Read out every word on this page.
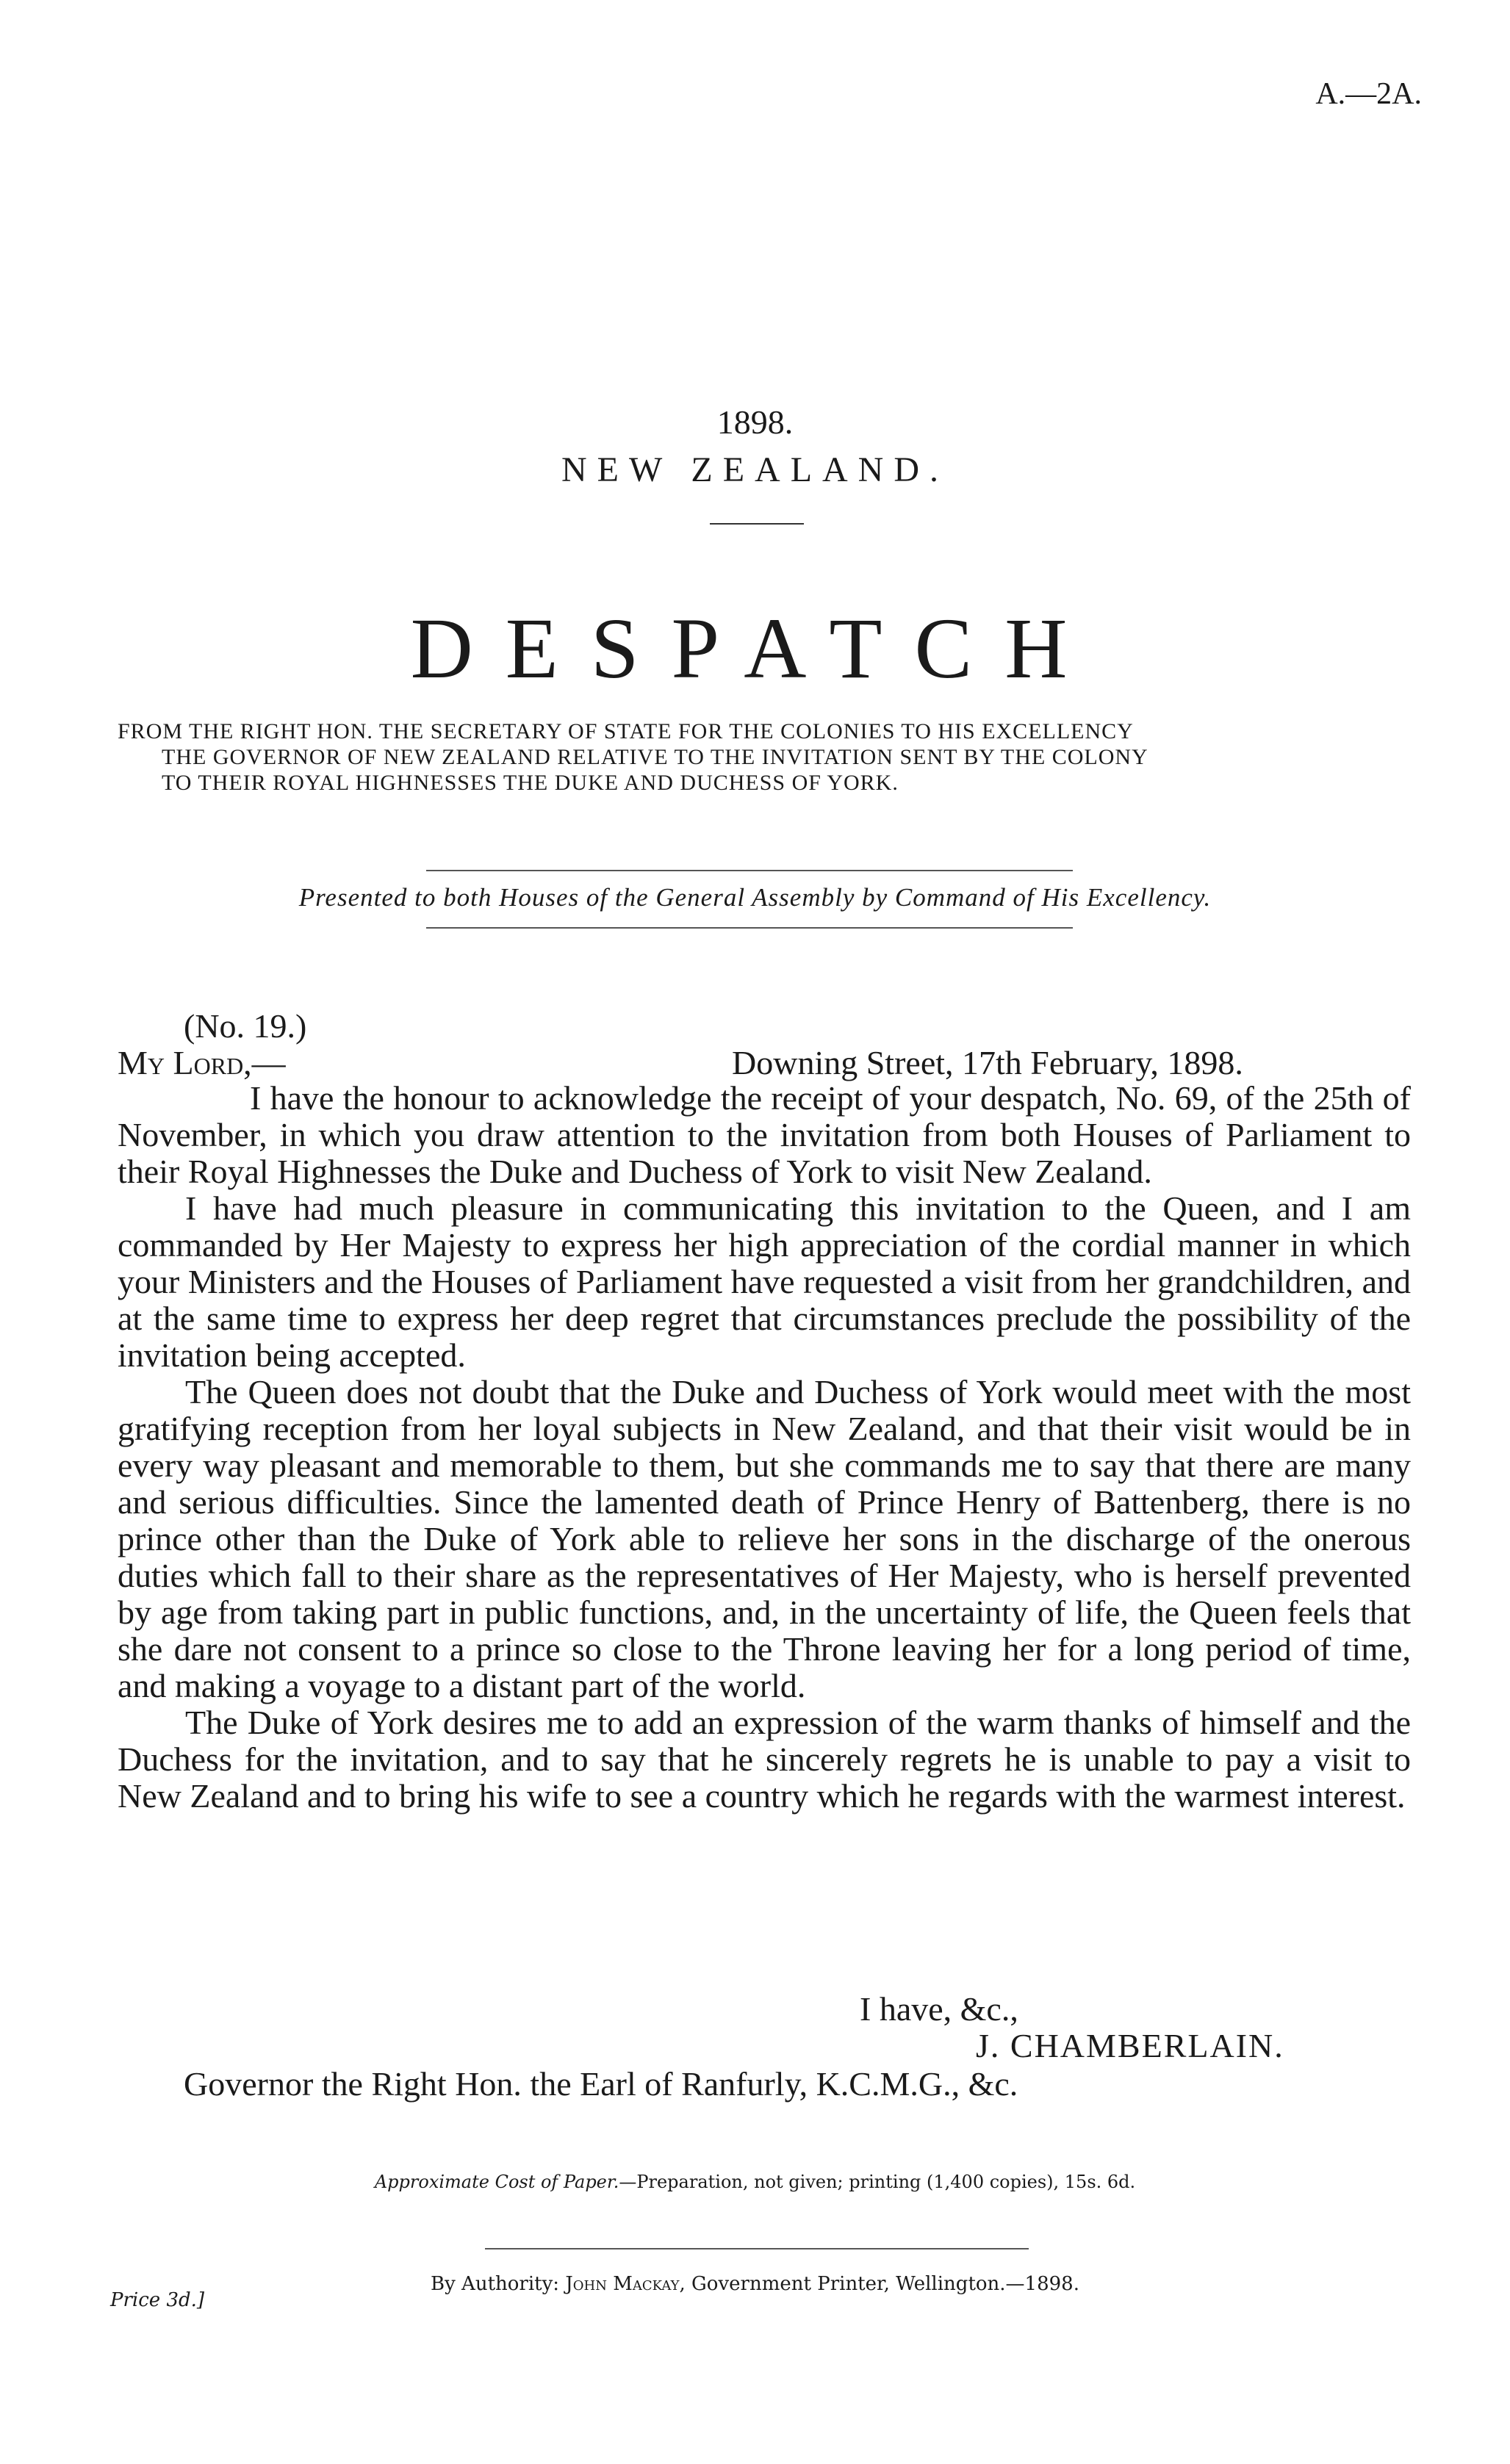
A.—2A.
1898.
NEW ZEALAND.
DESPATCH
FROM THE RIGHT HON. THE SECRETARY OF STATE FOR THE COLONIES TO HIS EXCELLENCY
THE GOVERNOR OF NEW ZEALAND RELATIVE TO THE INVITATION SENT BY THE COLONY
TO THEIR ROYAL HIGHNESSES THE DUKE AND DUCHESS OF YORK.
Presented to both Houses of the General Assembly by Command of His Excellency.
(No. 19.)
My Lord,—	Downing Street, 17th February, 1898.

I have the honour to acknowledge the receipt of your despatch, No. 69, of the 25th of November, in which you draw attention to the invitation from both Houses of Parliament to their Royal Highnesses the Duke and Duchess of York to visit New Zealand.

I have had much pleasure in communicating this invitation to the Queen, and I am commanded by Her Majesty to express her high appreciation of the cordial manner in which your Ministers and the Houses of Parliament have requested a visit from her grandchildren, and at the same time to express her deep regret that circumstances preclude the possibility of the invitation being accepted.

The Queen does not doubt that the Duke and Duchess of York would meet with the most gratifying reception from her loyal subjects in New Zealand, and that their visit would be in every way pleasant and memorable to them, but she commands me to say that there are many and serious difficulties. Since the lamented death of Prince Henry of Battenberg, there is no prince other than the Duke of York able to relieve her sons in the discharge of the onerous duties which fall to their share as the representatives of Her Majesty, who is herself prevented by age from taking part in public functions, and, in the uncertainty of life, the Queen feels that she dare not consent to a prince so close to the Throne leaving her for a long period of time, and making a voyage to a distant part of the world.

The Duke of York desires me to add an expression of the warm thanks of himself and the Duchess for the invitation, and to say that he sincerely regrets he is unable to pay a visit to New Zealand and to bring his wife to see a country which he regards with the warmest interest.

I have, &c.,
J. CHAMBERLAIN.
Governor the Right Hon. the Earl of Ranfurly, K.C.M.G., &c.
Approximate Cost of Paper.—Preparation, not given; printing (1,400 copies), 15s. 6d.
By Authority: John Mackay, Government Printer, Wellington.—1898.
Price 3d.]
